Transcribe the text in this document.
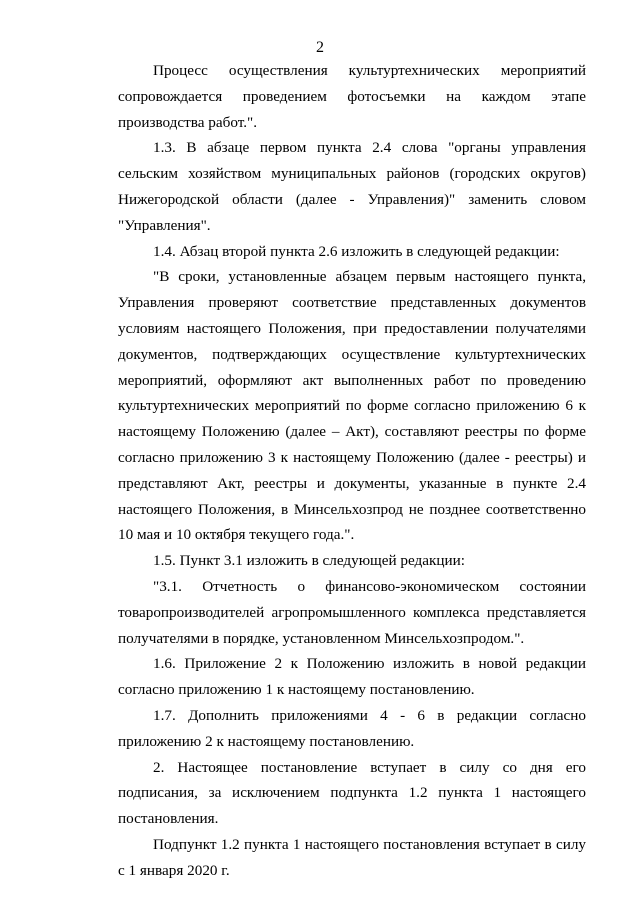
2

Процесс осуществления культуртехнических мероприятий сопровождается проведением фотосъемки на каждом этапе производства работ.".

1.3. В абзаце первом пункта 2.4 слова "органы управления сельским хозяйством муниципальных районов (городских округов) Нижегородской области (далее - Управления)" заменить словом "Управления".

1.4. Абзац второй пункта 2.6 изложить в следующей редакции:

"В сроки, установленные абзацем первым настоящего пункта, Управления проверяют соответствие представленных документов условиям настоящего Положения, при предоставлении получателями документов, подтверждающих осуществление культуртехнических мероприятий, оформляют акт выполненных работ по проведению культуртехнических мероприятий по форме согласно приложению 6 к настоящему Положению (далее – Акт), составляют реестры по форме согласно приложению 3 к настоящему Положению (далее - реестры) и представляют Акт, реестры и документы, указанные в пункте 2.4 настоящего Положения, в Минсельхозпрод не позднее соответственно 10 мая и 10 октября текущего года.".

1.5. Пункт 3.1 изложить в следующей редакции:

"3.1. Отчетность о финансово-экономическом состоянии товаропроизводителей агропромышленного комплекса представляется получателями в порядке, установленном Минсельхозпродом.".

1.6. Приложение 2 к Положению изложить в новой редакции согласно приложению 1 к настоящему постановлению.

1.7. Дополнить приложениями 4 - 6 в редакции согласно приложению 2 к настоящему постановлению.

2. Настоящее постановление вступает в силу со дня его подписания, за исключением подпункта 1.2 пункта 1 настоящего постановления.

Подпункт 1.2 пункта 1 настоящего постановления вступает в силу с 1 января 2020 г.
